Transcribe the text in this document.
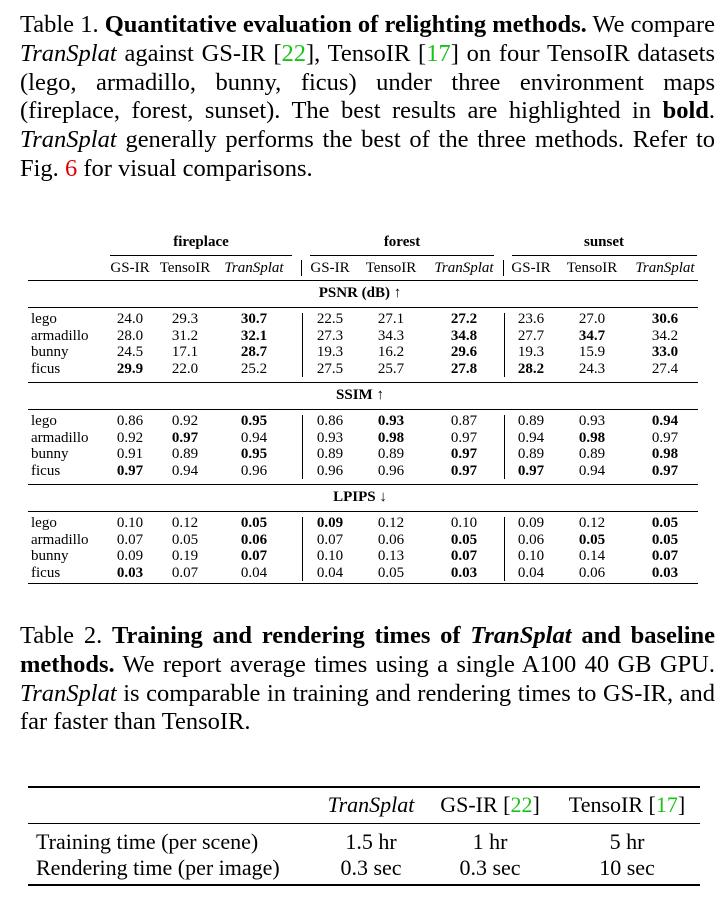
Table 1. Quantitative evaluation of relighting methods. We compare TranSplat against GS-IR [22], TensoIR [17] on four TensoIR datasets (lego, armadillo, bunny, ficus) under three environment maps (fireplace, forest, sunset). The best results are highlighted in bold. TranSplat generally performs the best of the three methods. Refer to Fig. 6 for visual comparisons.
fireplace	forest	sunset
GS-IR TensoIR TranSplat GS-IR TensoIR TranSplat GS-IR TensoIR TranSplat
PSNR (dB) ↑
lego	24.0 29.3	30.7	22.5 27.1	27.2	23.6 27.0	30.6
armadillo 28.0 31.2	32.1	27.3 34.3	34.8	27.7 34.7	34.2
bunny	24.5 17.1	28.7	19.3 16.2	29.6	19.3 15.9	33.0
ficus	29.9 22.0	25.2	27.5 25.7	27.8	28.2 24.3	27.4
SSIM ↑
lego	0.86 0.92	0.95	0.86 0.93	0.87	0.89 0.93	0.94
armadillo 0.92 0.97	0.94	0.93 0.98	0.97	0.94 0.98	0.97
bunny	0.91 0.89	0.95	0.89 0.89	0.97	0.89 0.89	0.98
ficus	0.97 0.94	0.96	0.96 0.96	0.97	0.97 0.94	0.97
LPIPS ↓
lego	0.10 0.12	0.05	0.09 0.12	0.10	0.09 0.12	0.05
armadillo 0.07 0.05	0.06	0.07 0.06	0.05	0.06 0.05	0.05
bunny	0.09 0.19	0.07	0.10 0.13	0.07	0.10 0.14	0.07
ficus	0.03 0.07	0.04	0.04 0.05	0.03	0.04 0.06	0.03
Table 2. Training and rendering times of TranSplat and baseline methods. We report average times using a single A100 40 GB GPU. TranSplat is comparable in training and rendering times to GS-IR, and far faster than TensoIR.
TranSplat GS-IR [22] TensoIR [17]
Training time (per scene)	1.5 hr	1 hr	5 hr
Rendering time (per image)	0.3 sec	0.3 sec	10 sec
